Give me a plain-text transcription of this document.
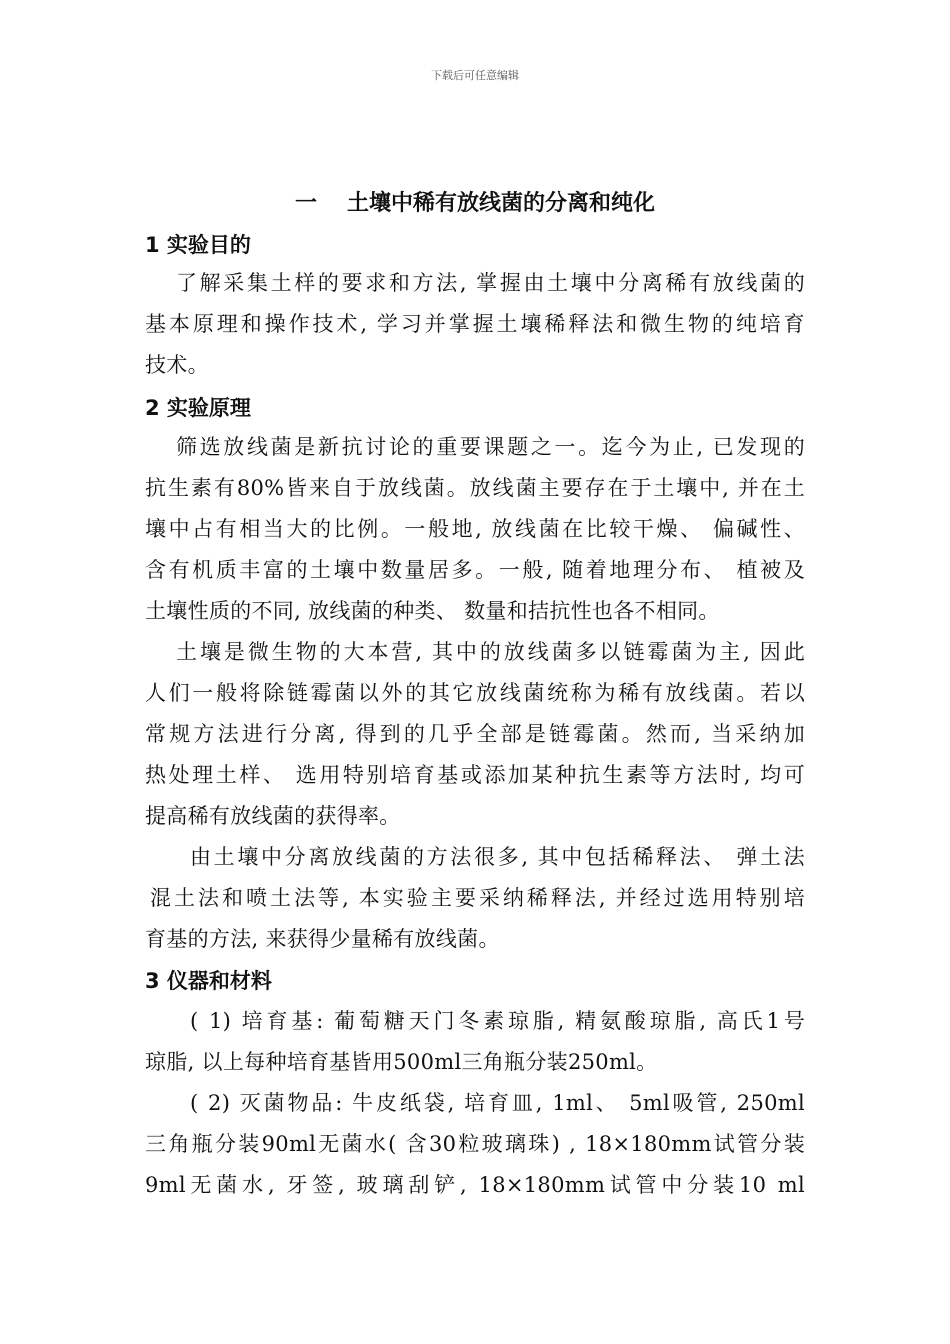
下载后可任意编辑
一 土壤中稀有放线菌的分离和纯化
1 实验目的
了解采集土样的要求和方法, 掌握由土壤中分离稀有放线菌的
基本原理和操作技术, 学习并掌握土壤稀释法和微生物的纯培育
技术。
2 实验原理
筛选放线菌是新抗讨论的重要课题之一。迄今为止, 已发现的
抗生素有80%皆来自于放线菌。放线菌主要存在于土壤中, 并在土
壤中占有相当大的比例。一般地, 放线菌在比较干燥、 偏碱性、
含有机质丰富的土壤中数量居多。一般, 随着地理分布、 植被及
土壤性质的不同, 放线菌的种类、 数量和拮抗性也各不相同。
土壤是微生物的大本营, 其中的放线菌多以链霉菌为主, 因此
人们一般将除链霉菌以外的其它放线菌统称为稀有放线菌。若以
常规方法进行分离, 得到的几乎全部是链霉菌。然而, 当采纳加
热处理土样、 选用特别培育基或添加某种抗生素等方法时, 均可
提高稀有放线菌的获得率。
由土壤中分离放线菌的方法很多, 其中包括稀释法、 弹土法
混土法和喷土法等, 本实验主要采纳稀释法, 并经过选用特别培
育基的方法, 来获得少量稀有放线菌。
3 仪器和材料
( 1) 培育基: 葡萄糖天门冬素琼脂, 精氨酸琼脂, 高氏1号
琼脂, 以上每种培育基皆用500ml三角瓶分装250ml。
( 2) 灭菌物品: 牛皮纸袋, 培育皿, 1ml、 5ml吸管, 250ml
三角瓶分装90ml无菌水( 含30粒玻璃珠) , 18×180mm试管分装
9ml无菌水, 牙签, 玻璃刮铲, 18×180mm试管中分装10 ml
